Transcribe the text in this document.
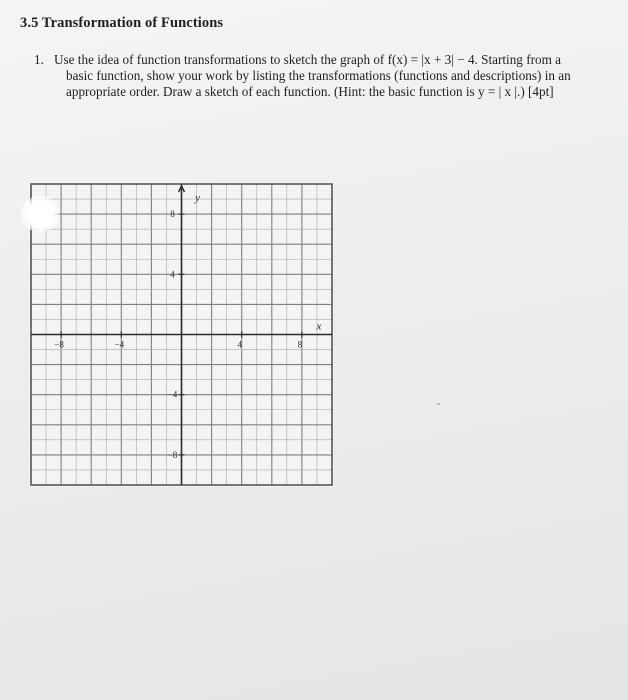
3.5 Transformation of Functions
1. Use the idea of function transformations to sketch the graph of f(x) = |x + 3| − 4. Starting from a
basic function, show your work by listing the transformations (functions and descriptions) in an
appropriate order. Draw a sketch of each function. (Hint: the basic function is y = | x |.) [4pt]
x
y
−8	−4	4	8
8
4
−4
−8
